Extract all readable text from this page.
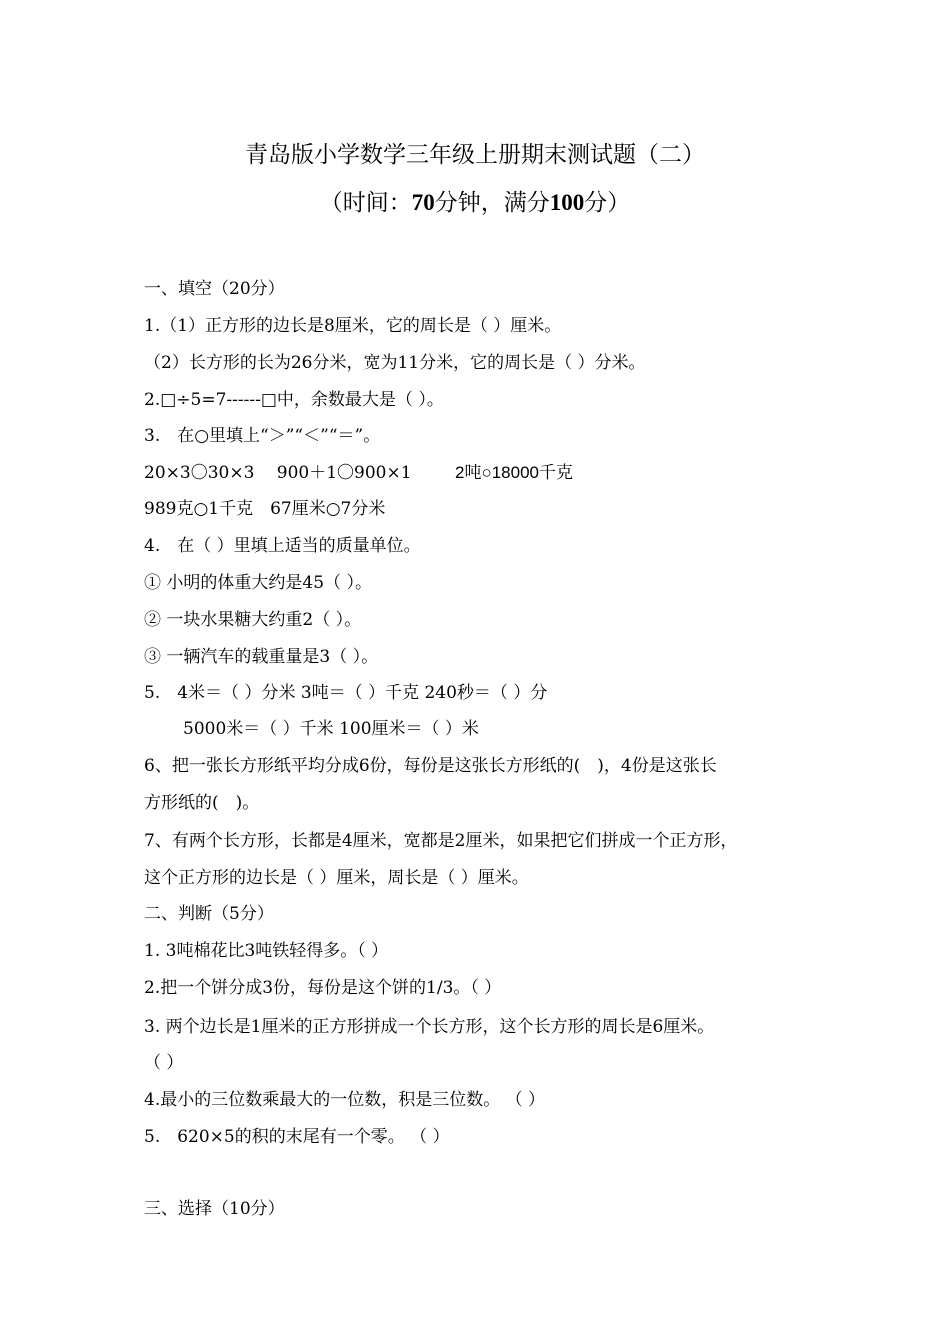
青岛版小学数学三年级上册期末测试题（二）
（时间：70分钟，满分100分）
一、填空（20分）
1.（1）正方形的边长是8厘米，它的周长是（ ）厘米。
（2）长方形的长为26分米，宽为11分米，它的周长是（ ）分米。
2.□÷5=7------□中，余数最大是（ ）。
3.　在○里填上“＞”“＜”“＝”。
20×3〇30×3　 900＋1〇900×1	2吨○18000千克
989克○1千克　67厘米○7分米
4.　在（ ）里填上适当的质量单位。
① 小明的体重大约是45（ ）。
② 一块水果糖大约重2（ ）。
③ 一辆汽车的载重量是3（ ）。
5.　4米＝（ ）分米 3吨＝（ ）千克 240秒＝（ ）分
5000米＝（ ）千米 100厘米＝（ ）米
6、把一张长方形纸平均分成6份，每份是这张长方形纸的(　)，4份是这张长
方形纸的(　)。
7、有两个长方形，长都是4厘米，宽都是2厘米，如果把它们拼成一个正方形，
这个正方形的边长是（ ）厘米，周长是（ ）厘米。
二、判断（5分）
1. 3吨棉花比3吨铁轻得多。（ ）
2.把一个饼分成3份，每份是这个饼的1/3。（ ）
3. 两个边长是1厘米的正方形拼成一个长方形，这个长方形的周长是6厘米。
（ ）
4.最小的三位数乘最大的一位数，积是三位数。 （ ）
5.　620×5的积的末尾有一个零。 （ ）
三、选择（10分）
